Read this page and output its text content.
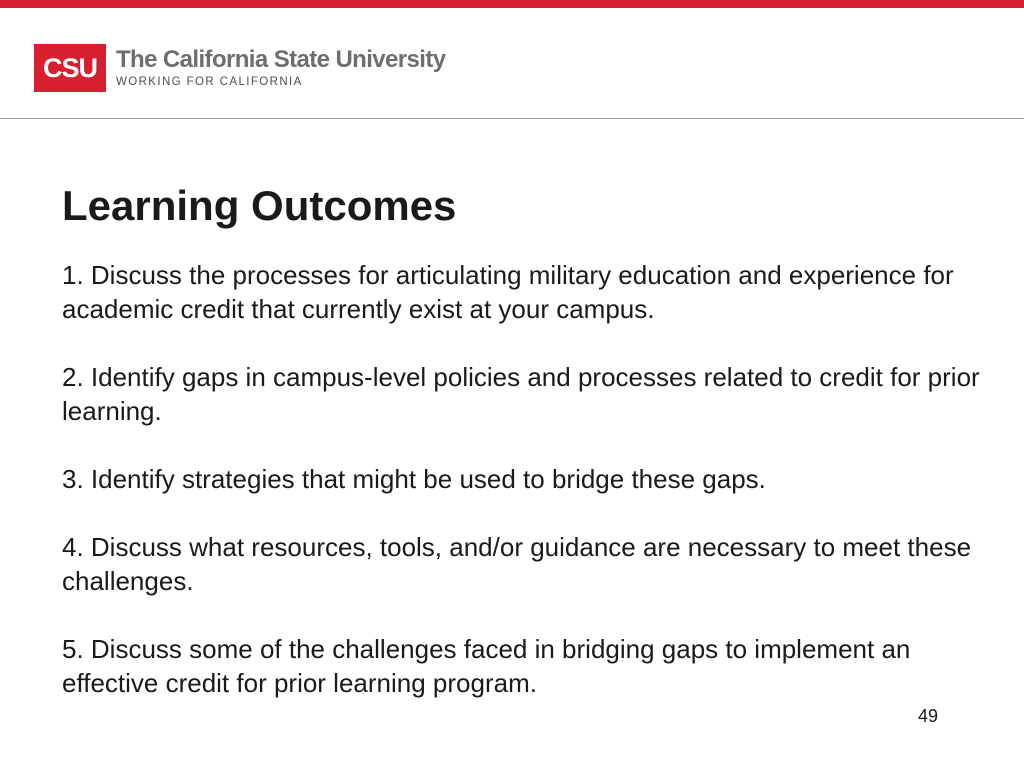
CSU The California State University
WORKING FOR CALIFORNIA
Learning Outcomes
1. Discuss the processes for articulating military education and experience for academic credit that currently exist at your campus.
2. Identify gaps in campus-level policies and processes related to credit for prior learning.
3. Identify strategies that might be used to bridge these gaps.
4. Discuss what resources, tools, and/or guidance are necessary to meet these challenges.
5. Discuss some of the challenges faced in bridging gaps to implement an effective credit for prior learning program.
49
